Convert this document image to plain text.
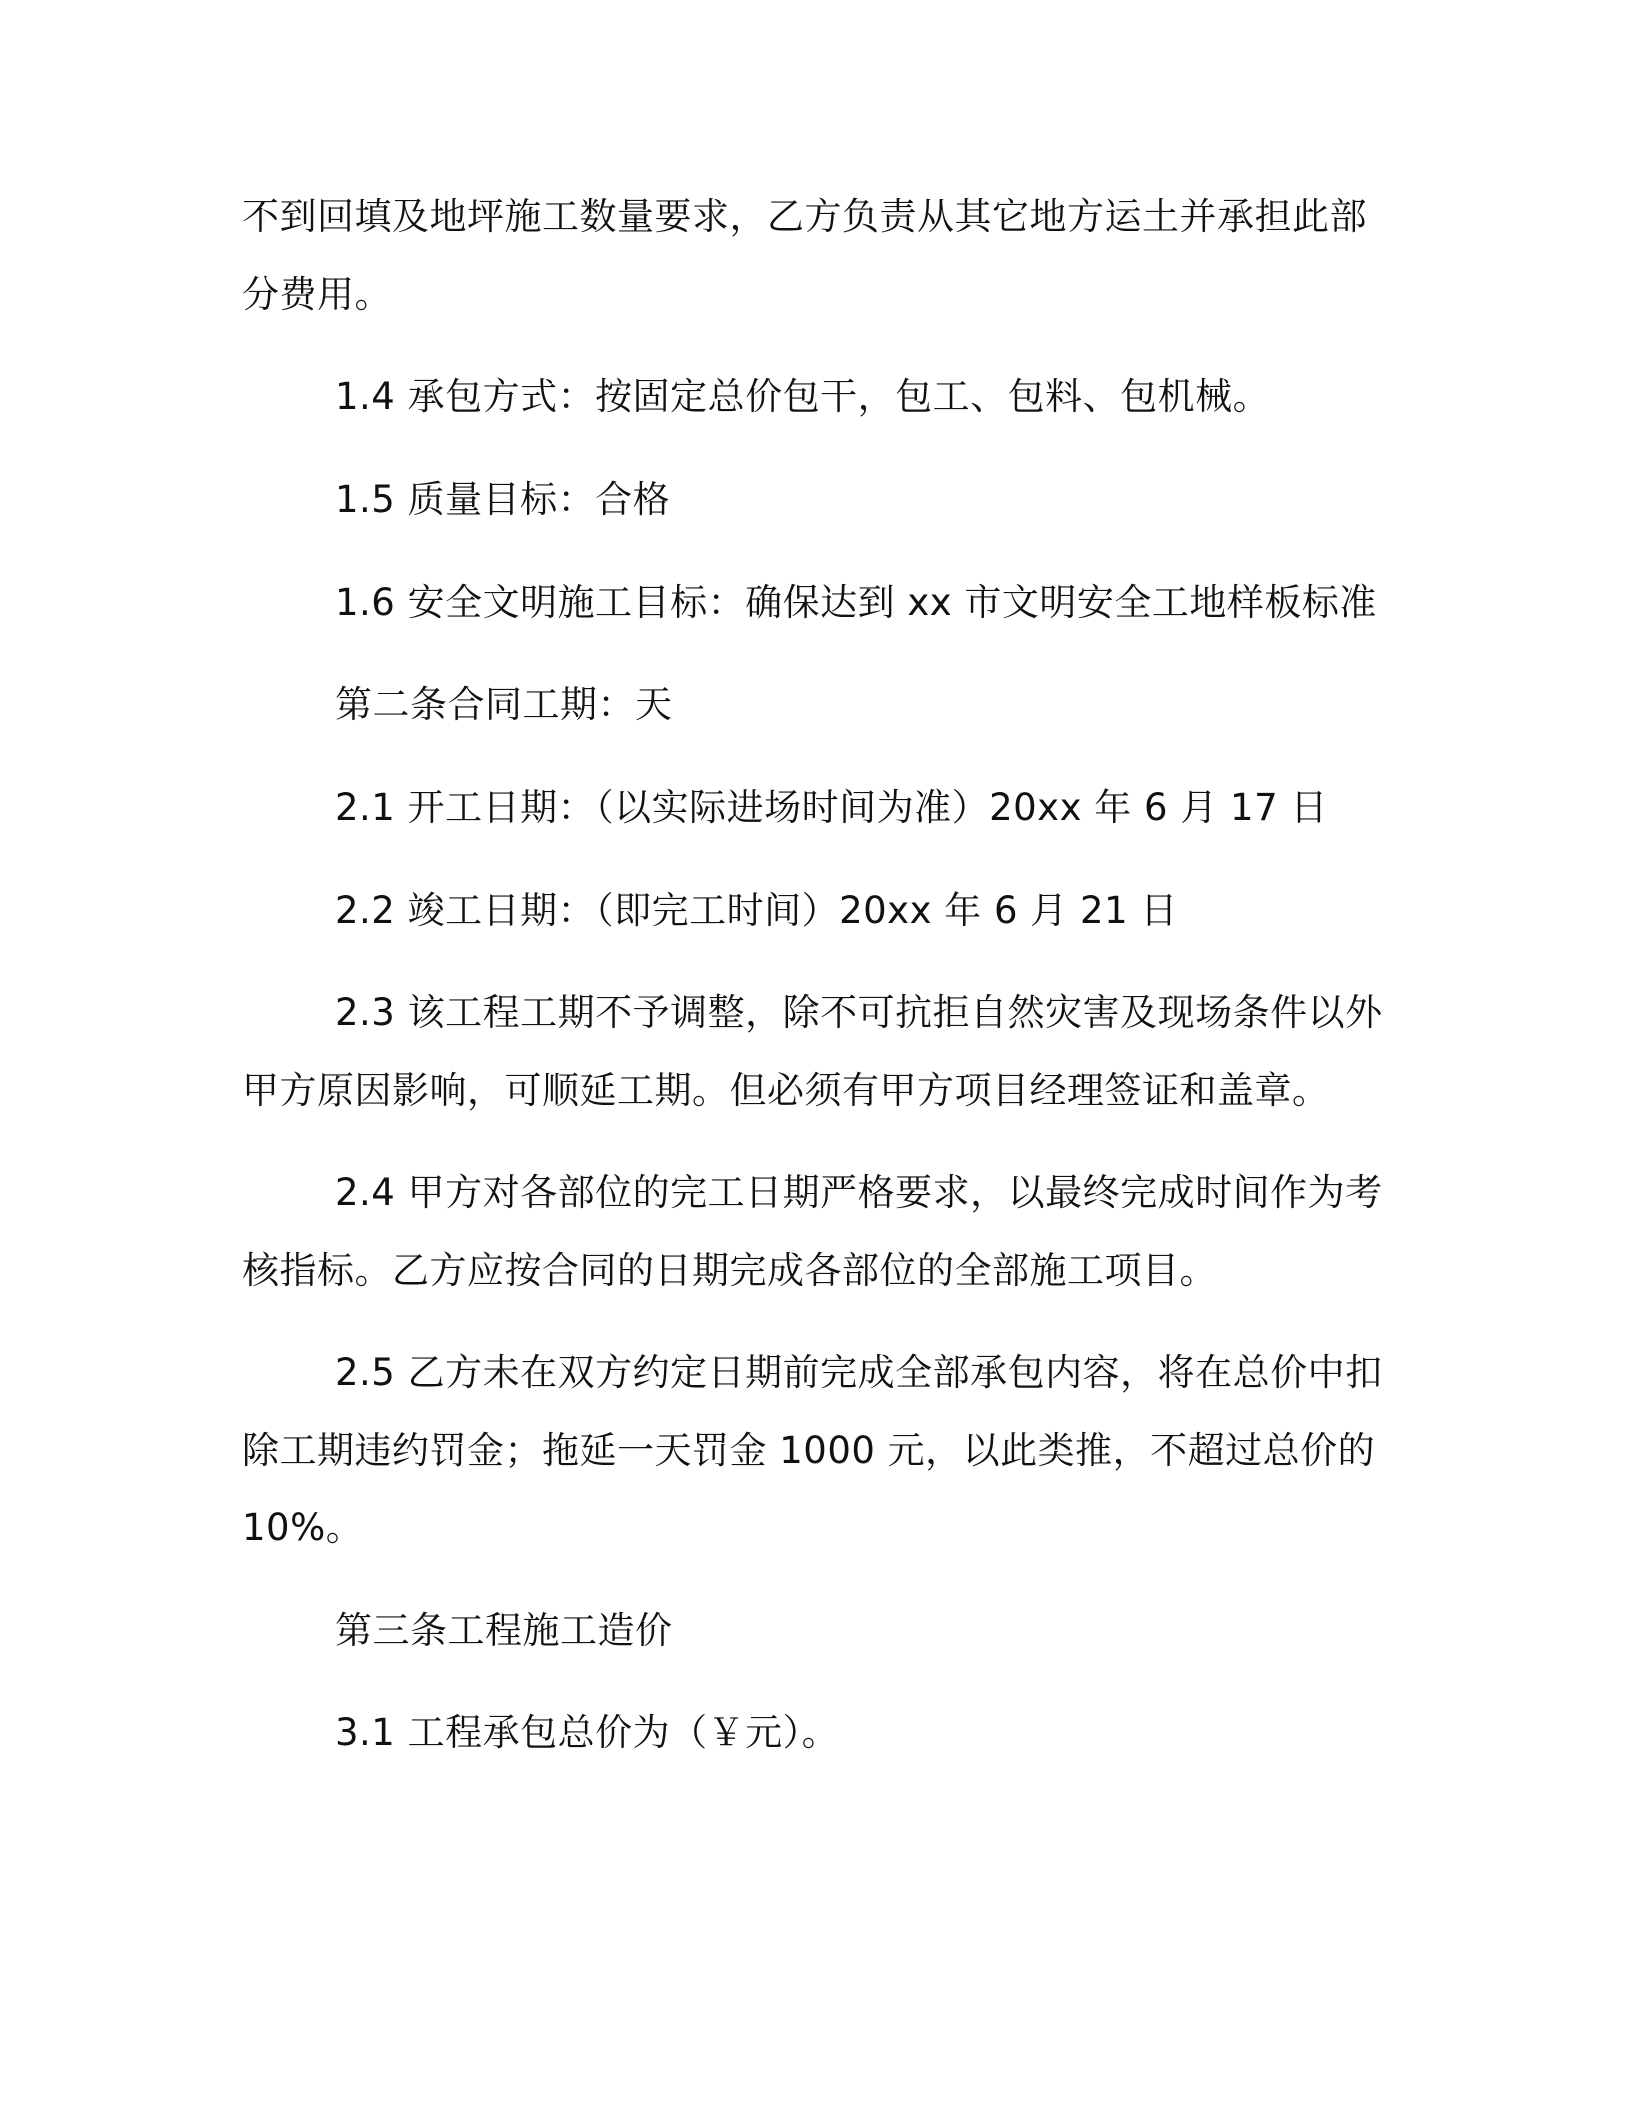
不到回填及地坪施工数量要求，乙方负责从其它地方运土并承担此部
分费用。
1.4 承包方式：按固定总价包干，包工、包料、包机械。
1.5 质量目标：合格
1.6 安全文明施工目标：确保达到 xx 市文明安全工地样板标准
第二条合同工期：天
2.1 开工日期：（以实际进场时间为准）20xx 年 6 月 17 日
2.2 竣工日期：（即完工时间）20xx 年 6 月 21 日
2.3 该工程工期不予调整，除不可抗拒自然灾害及现场条件以外
甲方原因影响，可顺延工期。但必须有甲方项目经理签证和盖章。
2.4 甲方对各部位的完工日期严格要求，以最终完成时间作为考
核指标。乙方应按合同的日期完成各部位的全部施工项目。
2.5 乙方未在双方约定日期前完成全部承包内容，将在总价中扣
除工期违约罚金；拖延一天罚金 1000 元，以此类推，不超过总价的
10%。
第三条工程施工造价
3.1 工程承包总价为（￥元）。
